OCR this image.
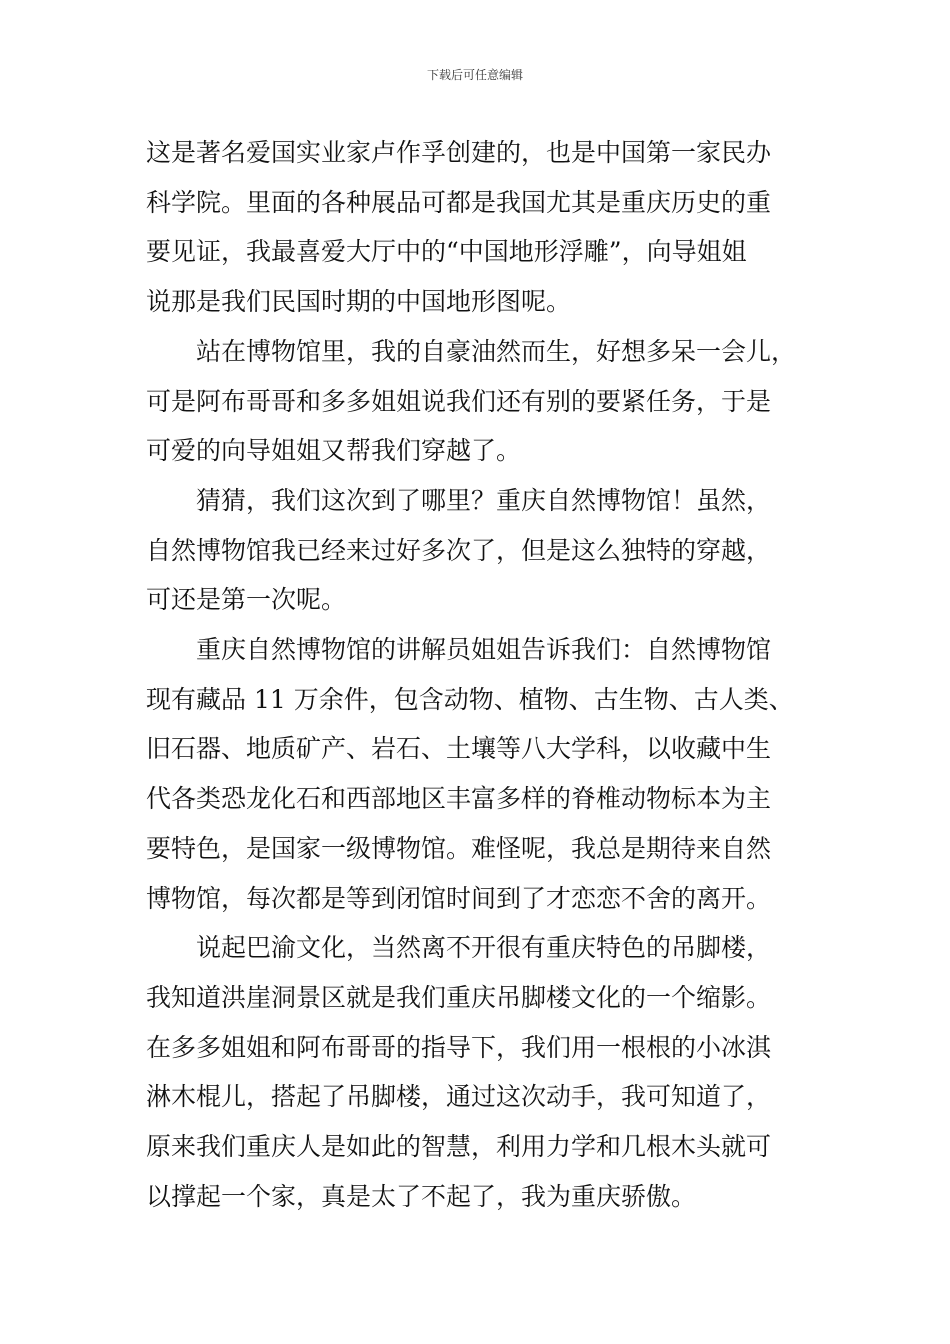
下载后可任意编辑

这是著名爱国实业家卢作孚创建的，也是中国第一家民办
科学院。里面的各种展品可都是我国尤其是重庆历史的重
要见证，我最喜爱大厅中的“中国地形浮雕”，向导姐姐
说那是我们民国时期的中国地形图呢。

站在博物馆里，我的自豪油然而生，好想多呆一会儿，
可是阿布哥哥和多多姐姐说我们还有别的要紧任务，于是
可爱的向导姐姐又帮我们穿越了。

猜猜，我们这次到了哪里？重庆自然博物馆！虽然，
自然博物馆我已经来过好多次了，但是这么独特的穿越，
可还是第一次呢。

重庆自然博物馆的讲解员姐姐告诉我们：自然博物馆
现有藏品 11 万余件，包含动物、植物、古生物、古人类、
旧石器、地质矿产、岩石、土壤等八大学科，以收藏中生
代各类恐龙化石和西部地区丰富多样的脊椎动物标本为主
要特色，是国家一级博物馆。难怪呢，我总是期待来自然
博物馆，每次都是等到闭馆时间到了才恋恋不舍的离开。

说起巴渝文化，当然离不开很有重庆特色的吊脚楼，
我知道洪崖洞景区就是我们重庆吊脚楼文化的一个缩影。
在多多姐姐和阿布哥哥的指导下，我们用一根根的小冰淇
淋木棍儿，搭起了吊脚楼，通过这次动手，我可知道了，
原来我们重庆人是如此的智慧，利用力学和几根木头就可
以撑起一个家，真是太了不起了，我为重庆骄傲。
